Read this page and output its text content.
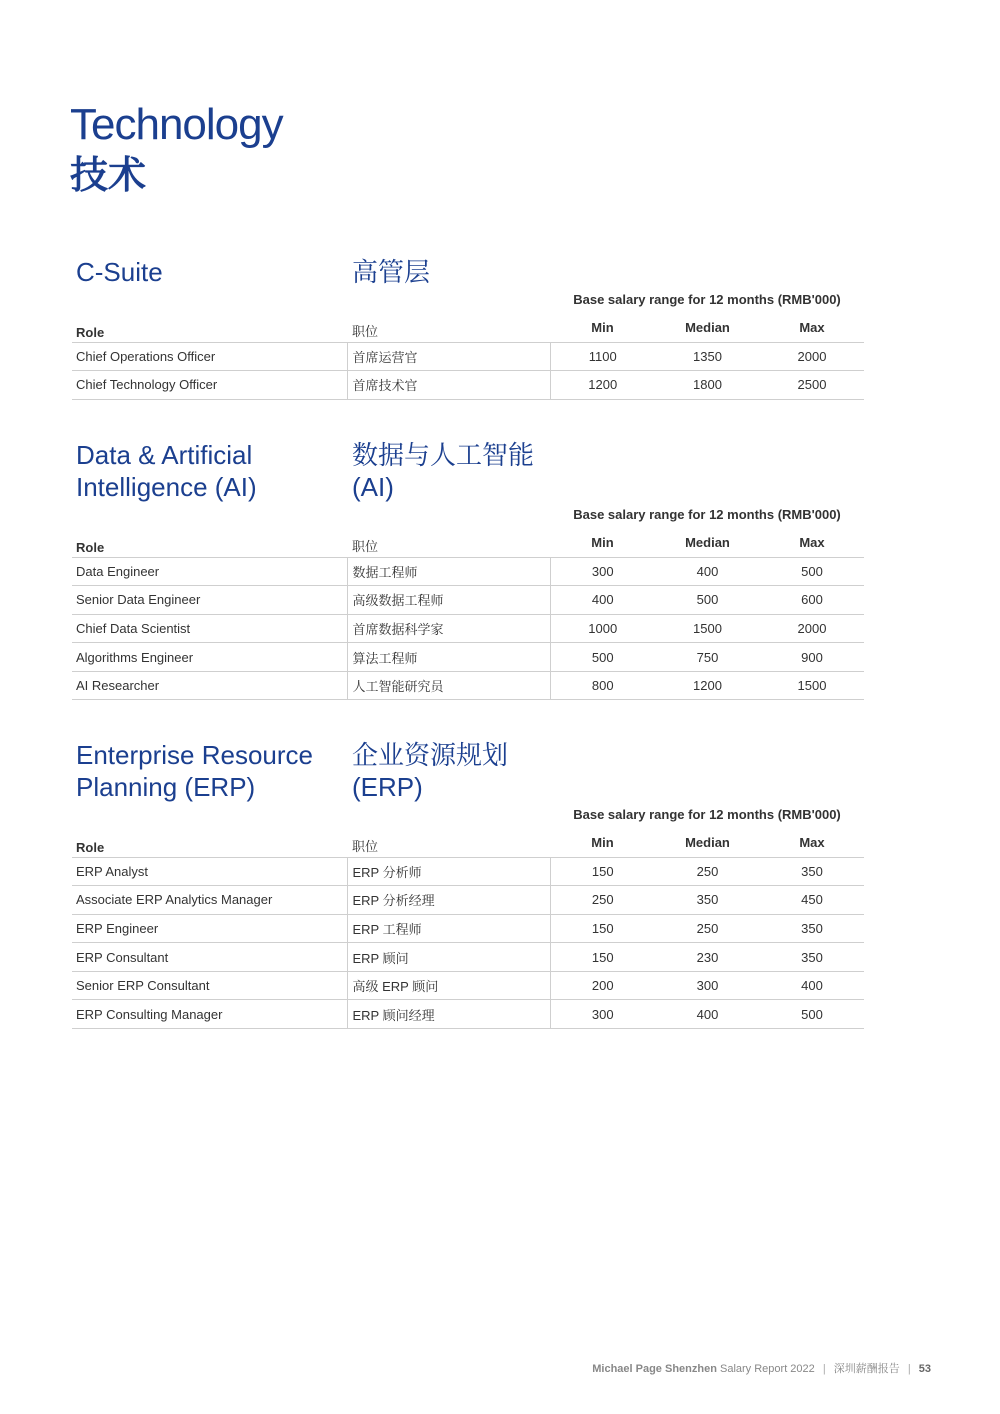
Technology
技术
C-Suite	高管层
Base salary range for 12 months (RMB'000)
Role	职位	Min	Median	Max
Chief Operations Officer	首席运营官	1100	1350	2000
Chief Technology Officer	首席技术官	1200	1800	2500
Data & Artificial
Intelligence (AI)
数据与人工智能
(AI)
Base salary range for 12 months (RMB'000)
Role	职位	Min	Median	Max
Data Engineer	数据工程师	300	400	500
Senior Data Engineer	高级数据工程师	400	500	600
Chief Data Scientist	首席数据科学家	1000	1500	2000
Algorithms Engineer	算法工程师	500	750	900
AI Researcher	人工智能研究员	800	1200	1500
Enterprise Resource
Planning (ERP)
企业资源规划
(ERP)
Base salary range for 12 months (RMB'000)
Role	职位	Min	Median	Max
ERP Analyst	ERP 分析师	150	250	350
Associate ERP Analytics Manager	ERP 分析经理	250	350	450
ERP Engineer	ERP 工程师	150	250	350
ERP Consultant	ERP 顾问	150	230	350
Senior ERP Consultant	高级 ERP 顾问	200	300	400
ERP Consulting Manager	ERP 顾问经理	300	400	500
Michael Page Shenzhen Salary Report 2022 | 深圳薪酬报告 | 53
